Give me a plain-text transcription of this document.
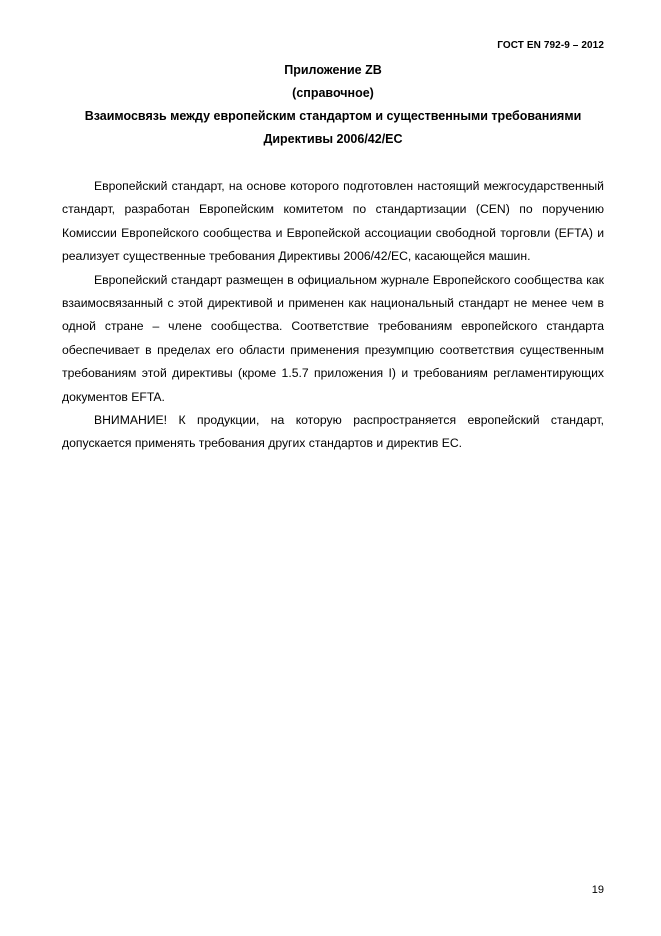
ГОСТ EN 792-9 – 2012
Приложение ZB
(справочное)
Взаимосвязь между европейским стандартом и существенными требованиями
Директивы 2006/42/ЕС

Европейский стандарт, на основе которого подготовлен настоящий межгосударственный стандарт, разработан Европейским комитетом по стандартизации (CEN) по поручению Комиссии Европейского сообщества и Европейской ассоциации свободной торговли (EFTA) и реализует существенные требования Директивы 2006/42/ЕС, касающейся машин.

Европейский стандарт размещен в официальном журнале Европейского сообщества как взаимосвязанный с этой директивой и применен как национальный стандарт не менее чем в одной стране – члене сообщества. Соответствие требованиям европейского стандарта обеспечивает в пределах его области применения презумпцию соответствия существенным требованиям этой директивы (кроме 1.5.7 приложения I) и требованиям регламентирующих документов EFTA.

ВНИМАНИЕ! К продукции, на которую распространяется европейский стандарт, допускается применять требования других стандартов и директив ЕС.

19
